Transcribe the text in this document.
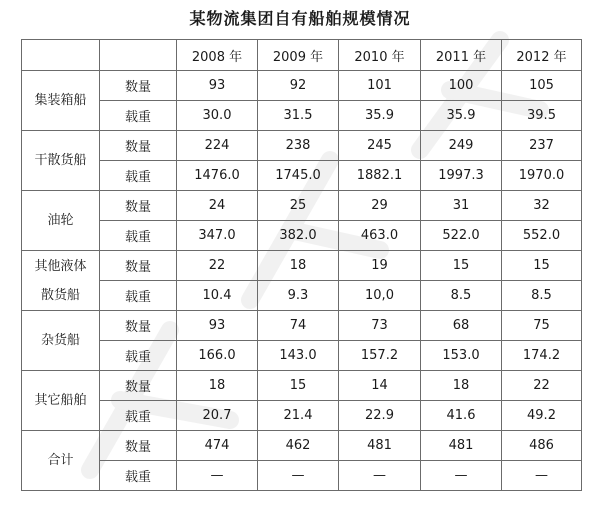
某物流集团自有船舶规模情况
		2008 年	2009 年	2010 年	2011 年	2012 年

集装箱船	数量	93	92	101	100	105
	载重	30.0	31.5	35.9	35.9	39.5

干散货船	数量	224	238	245	249	237
	载重	1476.0	1745.0	1882.1	1997.3	1970.0

油轮	数量	24	25	29	31	32
	载重	347.0	382.0	463.0	522.0	552.0

其他液体
散货船	数量	22	18	19	15	15
	载重	10.4	9.3	10,0	8.5	8.5

杂货船	数量	93	74	73	68	75
	载重	166.0	143.0	157.2	153.0	174.2

其它船舶	数量	18	15	14	18	22
	载重	20.7	21.4	22.9	41.6	49.2

合计	数量	474	462	481	481	486
	载重	—	—	—	—	—
